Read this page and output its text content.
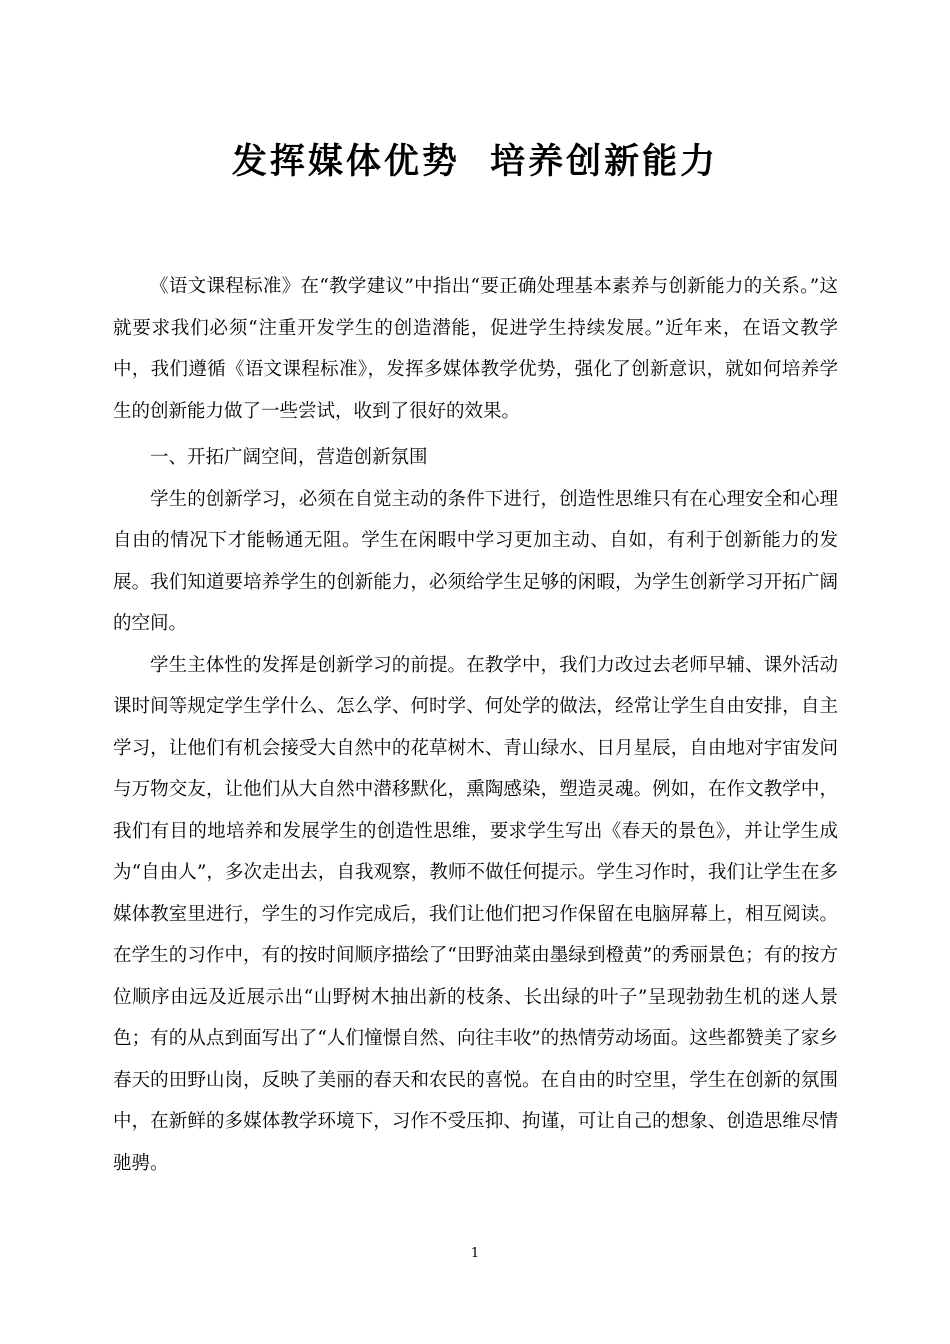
发挥媒体优势  培养创新能力

《语文课程标准》在“教学建议”中指出“要正确处理基本素养与创新能力的关系。”这就要求我们必须“注重开发学生的创造潜能，促进学生持续发展。”近年来，在语文教学中，我们遵循《语文课程标准》，发挥多媒体教学优势，强化了创新意识，就如何培养学生的创新能力做了一些尝试，收到了很好的效果。

一、开拓广阔空间，营造创新氛围

学生的创新学习，必须在自觉主动的条件下进行，创造性思维只有在心理安全和心理自由的情况下才能畅通无阻。学生在闲暇中学习更加主动、自如，有利于创新能力的发展。我们知道要培养学生的创新能力，必须给学生足够的闲暇，为学生创新学习开拓广阔的空间。

学生主体性的发挥是创新学习的前提。在教学中，我们力改过去老师早辅、课外活动课时间等规定学生学什么、怎么学、何时学、何处学的做法，经常让学生自由安排，自主学习，让他们有机会接受大自然中的花草树木、青山绿水、日月星辰，自由地对宇宙发问与万物交友，让他们从大自然中潜移默化，熏陶感染，塑造灵魂。例如，在作文教学中，我们有目的地培养和发展学生的创造性思维，要求学生写出《春天的景色》，并让学生成为“自由人”，多次走出去，自我观察，教师不做任何提示。学生习作时，我们让学生在多媒体教室里进行，学生的习作完成后，我们让他们把习作保留在电脑屏幕上，相互阅读。在学生的习作中，有的按时间顺序描绘了“田野油菜由墨绿到橙黄”的秀丽景色；有的按方位顺序由远及近展示出“山野树木抽出新的枝条、长出绿的叶子”呈现勃勃生机的迷人景色；有的从点到面写出了“人们憧憬自然、向往丰收”的热情劳动场面。这些都赞美了家乡春天的田野山岗，反映了美丽的春天和农民的喜悦。在自由的时空里，学生在创新的氛围中，在新鲜的多媒体教学环境下，习作不受压抑、拘谨，可让自己的想象、创造思维尽情驰骋。

1
